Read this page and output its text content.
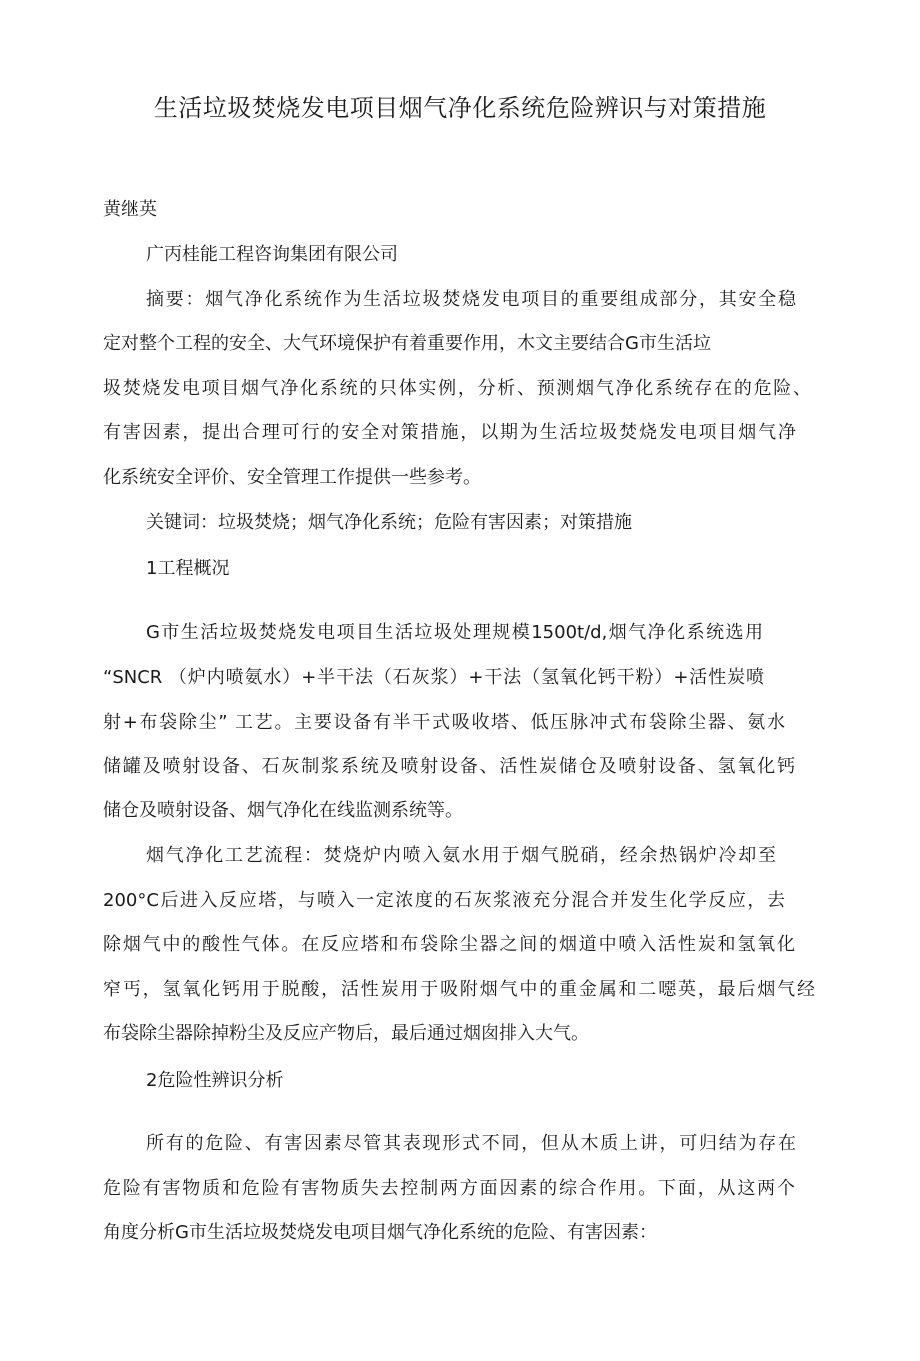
生活垃圾焚烧发电项目烟气净化系统危险辨识与对策措施
黄继英
广丙桂能工程咨询集团有限公司
摘要：烟气净化系统作为生活垃圾焚烧发电项目的重要组成部分，其安全稳
定对整个工程的安全、大气环境保护有着重要作用，木文主要结合G市生活垃
圾焚烧发电项目烟气净化系统的只体实例，分析、预测烟气净化系统存在的危险、
有害因素，提出合理可行的安全对策措施，以期为生活垃圾焚烧发电项目烟气净
化系统安全评价、安全管理工作提供一些参考。
关键词：垃圾焚烧；烟气净化系统；危险有害因素；对策措施
1工程概况
G市生活垃圾焚烧发电项目生活垃圾处理规模1500t/d,烟气净化系统选用
“SNCR （炉内喷氨水）+半干法（石灰浆）+干法（氢氧化钙干粉）+活性炭喷
射+布袋除尘” 工艺。主要设备有半干式吸收塔、低压脉冲式布袋除尘器、氨水
储罐及喷射设备、石灰制浆系统及喷射设备、活性炭储仓及喷射设备、氢氧化钙
储仓及喷射设备、烟气净化在线监测系统等。
烟气净化工艺流程：焚烧炉内喷入氨水用于烟气脱硝，经余热锅炉冷却至
200°C后进入反应塔，与喷入一定浓度的石灰浆液充分混合并发生化学反应，去
除烟气中的酸性气体。在反应塔和布袋除尘器之间的烟道中喷入活性炭和氢氧化
窄丐，氢氧化钙用于脱酸，活性炭用于吸附烟气中的重金属和二噁英，最后烟气经
布袋除尘器除掉粉尘及反应产物后，最后通过烟囱排入大气。
2危险性辨识分析
所有的危险、有害因素尽管其表现形式不同，但从木质上讲，可归结为存在
危险有害物质和危险有害物质失去控制两方面因素的综合作用。下面，从这两个
角度分析G市生活垃圾焚烧发电项目烟气净化系统的危险、有害因素：
